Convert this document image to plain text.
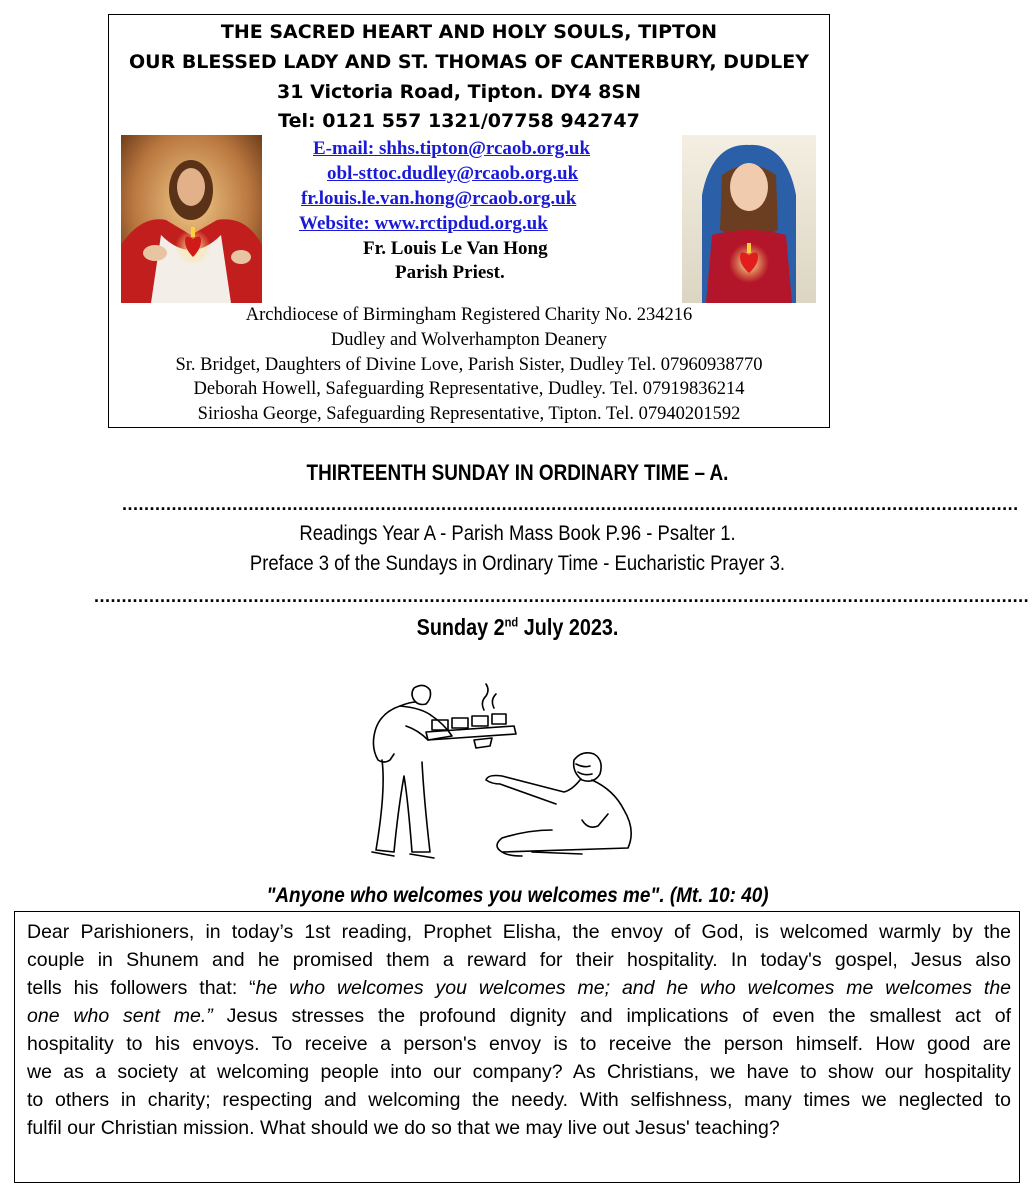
THE SACRED HEART AND HOLY SOULS, TIPTON
OUR BLESSED LADY AND ST. THOMAS OF CANTERBURY, DUDLEY
31 Victoria Road, Tipton. DY4 8SN
Tel: 0121 557 1321/07758 942747
E-mail: shhs.tipton@rcaob.org.uk
obl-sttoc.dudley@rcaob.org.uk
fr.louis.le.van.hong@rcaob.org.uk
Website: www.rctipdud.org.uk
Fr. Louis Le Van Hong
Parish Priest.
Archdiocese of Birmingham Registered Charity No. 234216
Dudley and Wolverhampton Deanery
Sr. Bridget, Daughters of Divine Love, Parish Sister, Dudley Tel. 07960938770
Deborah Howell, Safeguarding Representative, Dudley. Tel. 07919836214
Siriosha George, Safeguarding Representative, Tipton. Tel. 07940201592
THIRTEENTH SUNDAY IN ORDINARY TIME – A.
...................................................................................................................................................................
Readings Year A - Parish Mass Book P.96 - Psalter 1.
Preface 3 of the Sundays in Ordinary Time - Eucharistic Prayer 3.
..........................................................................................................................................................................
Sunday 2nd July 2023.
"Anyone who welcomes you welcomes me". (Mt. 10: 40)
Dear Parishioners, in today’s 1st reading, Prophet Elisha, the envoy of God, is welcomed warmly by the
couple in Shunem and he promised them a reward for their hospitality. In today's gospel, Jesus also
tells his followers that: “he who welcomes you welcomes me; and he who welcomes me welcomes the
one who sent me.” Jesus stresses the profound dignity and implications of even the smallest act of
hospitality to his envoys. To receive a person's envoy is to receive the person himself. How good are
we as a society at welcoming people into our company? As Christians, we have to show our hospitality
to others in charity; respecting and welcoming the needy. With selfishness, many times we neglected to
fulfil our Christian mission. What should we do so that we may live out Jesus' teaching?
